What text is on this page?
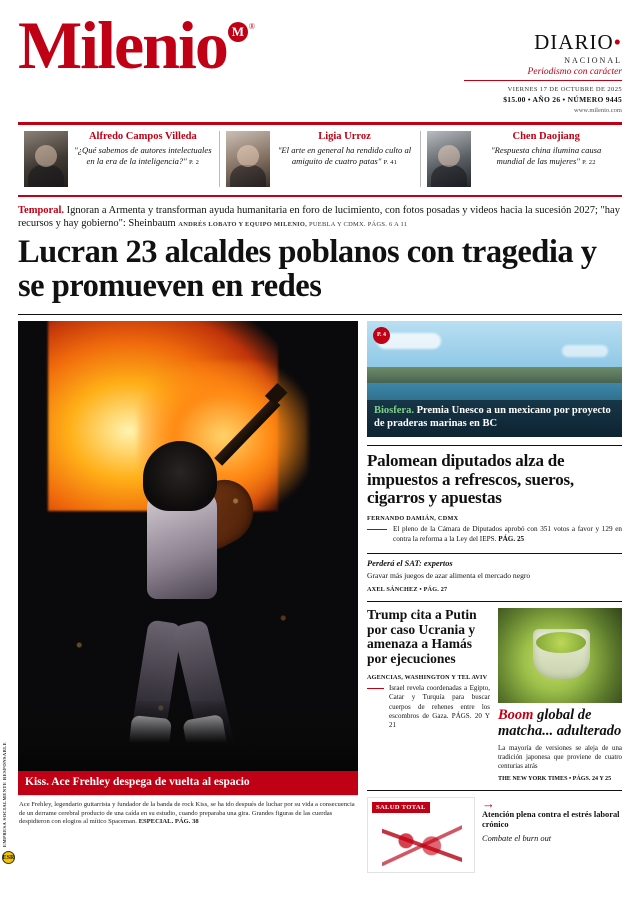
Milenio M ®
DIARIO•
NACIONAL
Periodismo con carácter
VIERNES 17 DE OCTUBRE DE 2025
$15.00 • AÑO 26 • NÚMERO 9445
www.milenio.com
Alfredo Campos Villeda
"¿Qué sabemos de autores intelectuales en la era de la inteligencia?" P. 2
Ligia Urroz
"El arte en general ha rendido culto al amiguito de cuatro patas" P. 41
Chen Daojiang
"Respuesta china ilumina causa mundial de las mujeres" P. 22
Temporal. Ignoran a Armenta y transforman ayuda humanitaria en foro de lucimiento, con fotos posadas y videos hacia la sucesión 2027; "hay recursos y hay gobierno": Sheinbaum ANDRÉS LOBATO Y EQUIPO MILENIO, PUEBLA Y CDMX. PÁGS. 6 A 11
Lucran 23 alcaldes poblanos con tragedia y se promueven en redes
Kiss. Ace Frehley despega de vuelta al espacio
Ace Frehley, legendario guitarrista y fundador de la banda de rock Kiss, se ha ido después de luchar por su vida a consecuencia de un derrame cerebral producto de una caída en su estudio, cuando preparaba una gira. Grandes figuras de las cuerdas despidieron con elogios al mítico Spaceman. ESPECIAL. PÁG. 38
P. 4
Biosfera. Premia Unesco a un mexicano por proyecto de praderas marinas en BC
Palomean diputados alza de impuestos a refrescos, sueros, cigarros y apuestas
FERNANDO DAMIÁN, CDMX
El pleno de la Cámara de Diputados aprobó con 351 votos a favor y 129 en contra la reforma a la Ley del IEPS. PÁG. 25
Perderá el SAT: expertos
Gravar más juegos de azar alimenta el mercado negro
AXEL SÁNCHEZ • PÁG. 27
Trump cita a Putin por caso Ucrania y amenaza a Hamás por ejecuciones
AGENCIAS, WASHINGTON Y TEL AVIV
Israel revela coordenadas a Egipto, Catar y Turquía para buscar cuerpos de rehenes entre los escombros de Gaza. PÁGS. 20 Y 21
Boom global de matcha... adulterado
La mayoría de versiones se aleja de una tradición japonesa que proviene de cuatro centurias atrás
THE NEW YORK TIMES • PÁGS. 24 Y 25
SALUD TOTAL	→
Atención plena contra el estrés laboral crónico
Combate el burn out
EMPRESA SOCIALMENTE RESPONSABLE
ESR
